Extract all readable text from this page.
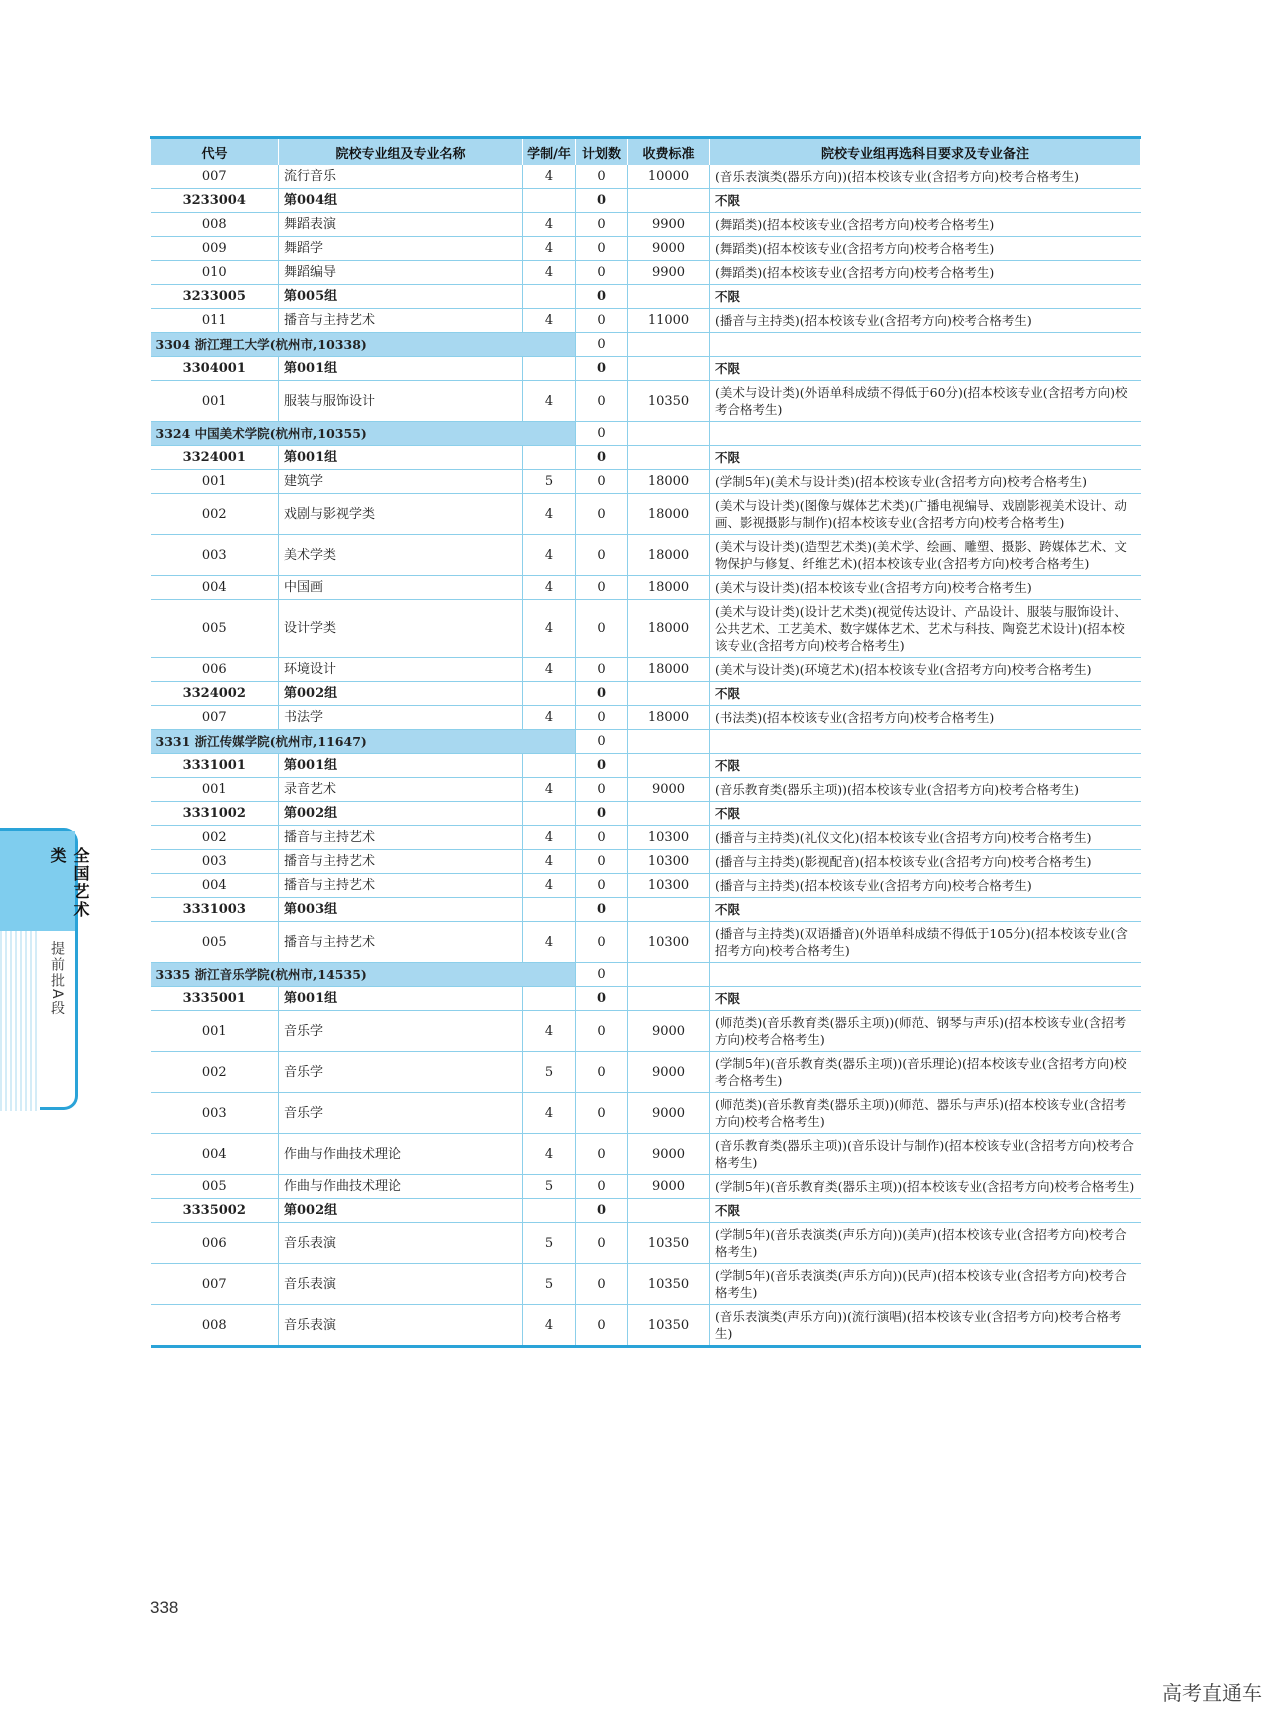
代号	院校专业组及专业名称	学制/年	计划数	收费标准	院校专业组再选科目要求及专业备注
007	流行音乐	4	0	10000	(音乐表演类(器乐方向))(招本校该专业(含招考方向)校考合格考生)
3233004	第004组		0		不限
008	舞蹈表演	4	0	9900	(舞蹈类)(招本校该专业(含招考方向)校考合格考生)
009	舞蹈学	4	0	9000	(舞蹈类)(招本校该专业(含招考方向)校考合格考生)
010	舞蹈编导	4	0	9900	(舞蹈类)(招本校该专业(含招考方向)校考合格考生)
3233005	第005组		0		不限
011	播音与主持艺术	4	0	11000	(播音与主持类)(招本校该专业(含招考方向)校考合格考生)
3304 浙江理工大学(杭州市,10338)			0		
3304001	第001组		0		不限
001	服装与服饰设计	4	0	10350	(美术与设计类)(外语单科成绩不得低于60分)(招本校该专业(含招考方向)校考合格考生)
3324 中国美术学院(杭州市,10355)			0		
3324001	第001组		0		不限
001	建筑学	5	0	18000	(学制5年)(美术与设计类)(招本校该专业(含招考方向)校考合格考生)
002	戏剧与影视学类	4	0	18000	(美术与设计类)(图像与媒体艺术类)(广播电视编导、戏剧影视美术设计、动画、影视摄影与制作)(招本校该专业(含招考方向)校考合格考生)
003	美术学类	4	0	18000	(美术与设计类)(造型艺术类)(美术学、绘画、雕塑、摄影、跨媒体艺术、文物保护与修复、纤维艺术)(招本校该专业(含招考方向)校考合格考生)
004	中国画	4	0	18000	(美术与设计类)(招本校该专业(含招考方向)校考合格考生)
005	设计学类	4	0	18000	(美术与设计类)(设计艺术类)(视觉传达设计、产品设计、服装与服饰设计、公共艺术、工艺美术、数字媒体艺术、艺术与科技、陶瓷艺术设计)(招本校该专业(含招考方向)校考合格考生)
006	环境设计	4	0	18000	(美术与设计类)(环境艺术)(招本校该专业(含招考方向)校考合格考生)
3324002	第002组		0		不限
007	书法学	4	0	18000	(书法类)(招本校该专业(含招考方向)校考合格考生)
3331 浙江传媒学院(杭州市,11647)			0		
3331001	第001组		0		不限
001	录音艺术	4	0	9000	(音乐教育类(器乐主项))(招本校该专业(含招考方向)校考合格考生)
3331002	第002组		0		不限
002	播音与主持艺术	4	0	10300	(播音与主持类)(礼仪文化)(招本校该专业(含招考方向)校考合格考生)
003	播音与主持艺术	4	0	10300	(播音与主持类)(影视配音)(招本校该专业(含招考方向)校考合格考生)
004	播音与主持艺术	4	0	10300	(播音与主持类)(招本校该专业(含招考方向)校考合格考生)
3331003	第003组		0		不限
005	播音与主持艺术	4	0	10300	(播音与主持类)(双语播音)(外语单科成绩不得低于105分)(招本校该专业(含招考方向)校考合格考生)
3335 浙江音乐学院(杭州市,14535)			0		
3335001	第001组		0		不限
001	音乐学	4	0	9000	(师范类)(音乐教育类(器乐主项))(师范、钢琴与声乐)(招本校该专业(含招考方向)校考合格考生)
002	音乐学	5	0	9000	(学制5年)(音乐教育类(器乐主项))(音乐理论)(招本校该专业(含招考方向)校考合格考生)
003	音乐学	4	0	9000	(师范类)(音乐教育类(器乐主项))(师范、器乐与声乐)(招本校该专业(含招考方向)校考合格考生)
004	作曲与作曲技术理论	4	0	9000	(音乐教育类(器乐主项))(音乐设计与制作)(招本校该专业(含招考方向)校考合格考生)
005	作曲与作曲技术理论	5	0	9000	(学制5年)(音乐教育类(器乐主项))(招本校该专业(含招考方向)校考合格考生)
3335002	第002组		0		不限
006	音乐表演	5	0	10350	(学制5年)(音乐表演类(声乐方向))(美声)(招本校该专业(含招考方向)校考合格考生)
007	音乐表演	5	0	10350	(学制5年)(音乐表演类(声乐方向))(民声)(招本校该专业(含招考方向)校考合格考生)
008	音乐表演	4	0	10350	(音乐表演类(声乐方向))(流行演唱)(招本校该专业(含招考方向)校考合格考生)
全国艺术类
提前批A段
338
高考直通车
